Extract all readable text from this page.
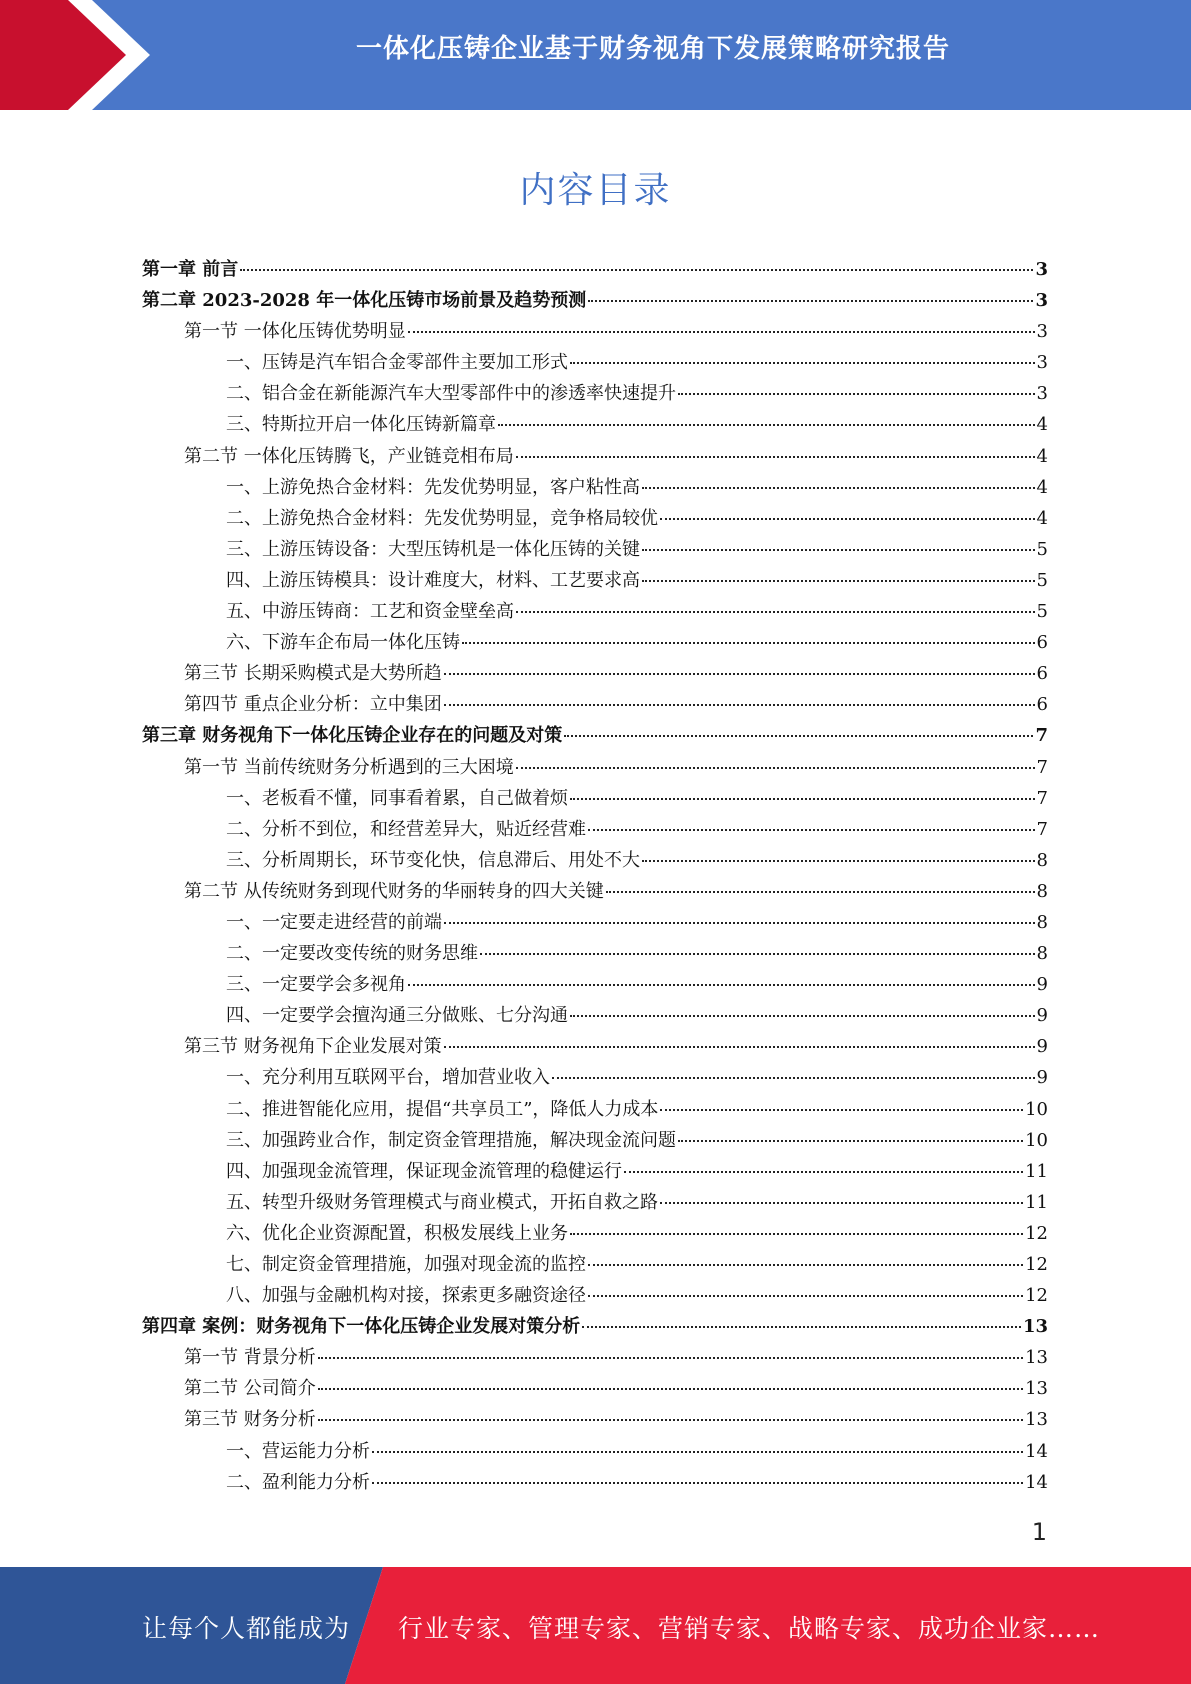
一体化压铸企业基于财务视角下发展策略研究报告
内容目录
第一章 前言	3
第二章 2023-2028 年一体化压铸市场前景及趋势预测	3
第一节 一体化压铸优势明显	3
一、压铸是汽车铝合金零部件主要加工形式	3
二、铝合金在新能源汽车大型零部件中的渗透率快速提升	3
三、特斯拉开启一体化压铸新篇章	4
第二节 一体化压铸腾飞，产业链竞相布局	4
一、上游免热合金材料：先发优势明显，客户粘性高	4
二、上游免热合金材料：先发优势明显，竞争格局较优	4
三、上游压铸设备：大型压铸机是一体化压铸的关键	5
四、上游压铸模具：设计难度大，材料、工艺要求高	5
五、中游压铸商：工艺和资金壁垒高	5
六、下游车企布局一体化压铸	6
第三节 长期采购模式是大势所趋	6
第四节 重点企业分析：立中集团	6
第三章 财务视角下一体化压铸企业存在的问题及对策	7
第一节 当前传统财务分析遇到的三大困境	7
一、老板看不懂，同事看着累，自己做着烦	7
二、分析不到位，和经营差异大，贴近经营难	7
三、分析周期长，环节变化快，信息滞后、用处不大	8
第二节 从传统财务到现代财务的华丽转身的四大关键	8
一、一定要走进经营的前端	8
二、一定要改变传统的财务思维	8
三、一定要学会多视角	9
四、一定要学会擅沟通三分做账、七分沟通	9
第三节 财务视角下企业发展对策	9
一、充分利用互联网平台，增加营业收入	9
二、推进智能化应用，提倡“共享员工”，降低人力成本	10
三、加强跨业合作，制定资金管理措施，解决现金流问题	10
四、加强现金流管理，保证现金流管理的稳健运行	11
五、转型升级财务管理模式与商业模式，开拓自救之路	11
六、优化企业资源配置，积极发展线上业务	12
七、制定资金管理措施，加强对现金流的监控	12
八、加强与金融机构对接，探索更多融资途径	12
第四章 案例：财务视角下一体化压铸企业发展对策分析	13
第一节 背景分析	13
第二节 公司简介	13
第三节 财务分析	13
一、营运能力分析	14
二、盈利能力分析	14
1
让每个人都能成为 行业专家、管理专家、营销专家、战略专家、成功企业家……
